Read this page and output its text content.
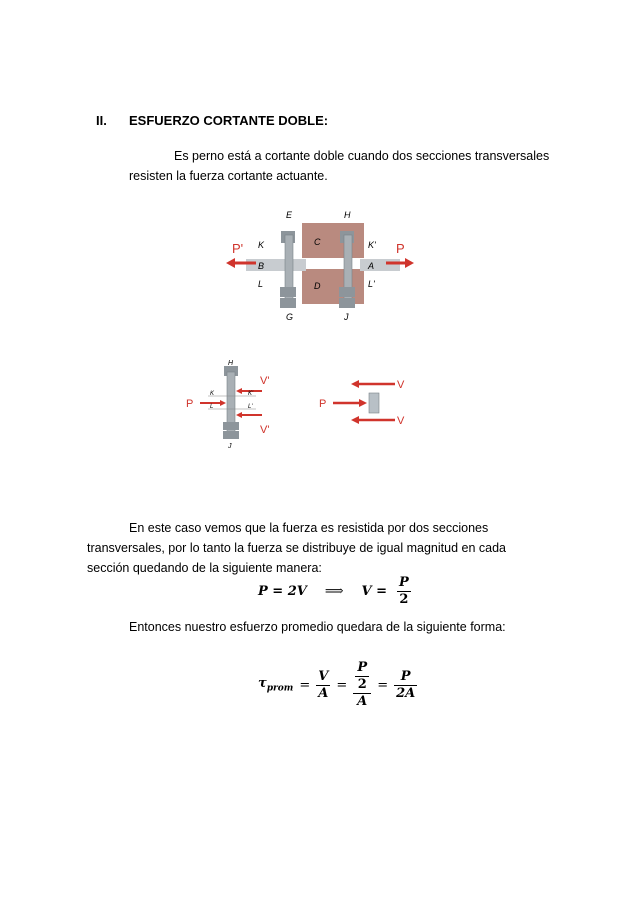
II. ESFUERZO CORTANTE DOBLE:
Es perno está a cortante doble cuando dos secciones transversales
resisten la fuerza cortante actuante.
E	H
P'	P
K	K'
B
C
A
D
L	L'
G	J
H
V'
P
K	K'
L	L'
V'
J
V
P
V
En este caso vemos que la fuerza es resistida por dos secciones
transversales, por lo tanto la fuerza se distribuye de igual magnitud en cada
sección quedando de la siguiente manera:
P = 2V ⟹ $V = \frac{P}{2}$
Entonces nuestro esfuerzo promedio quedara de la siguiente forma:
$\tau_{prom} = \frac{V}{A} = P$
2
$A = \frac{P}{2A}$
